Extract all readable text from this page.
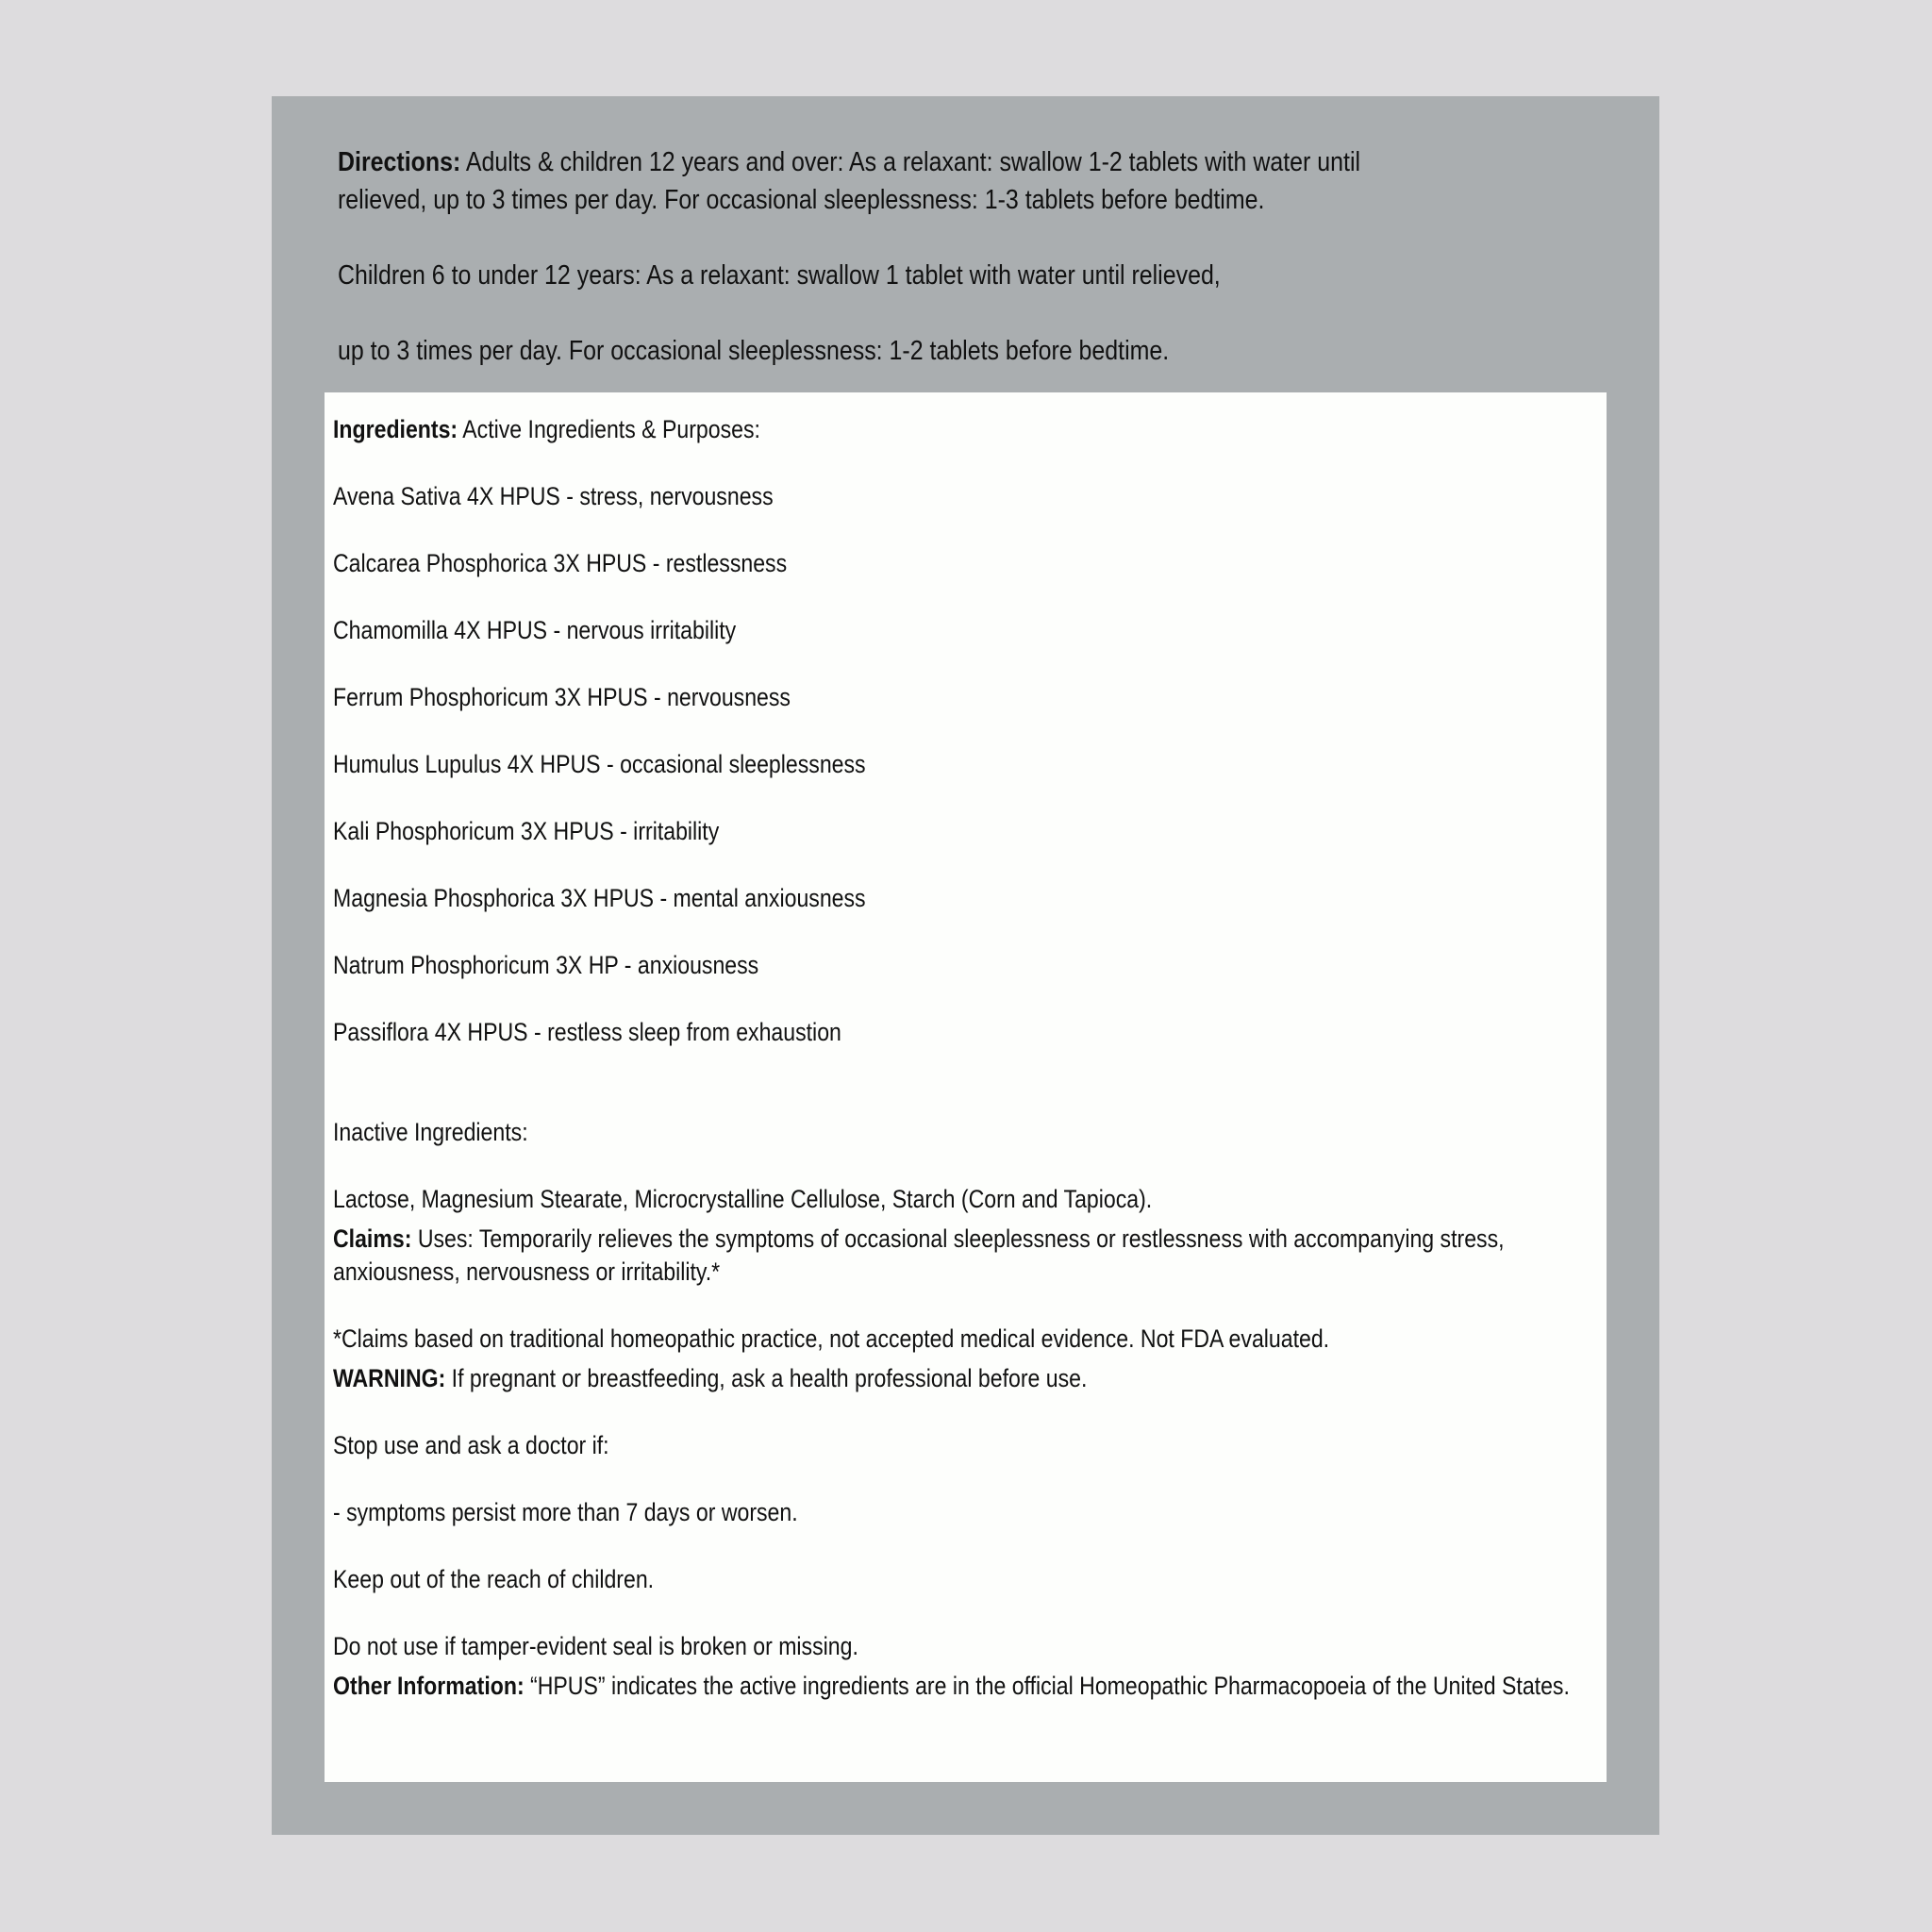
Directions: Adults & children 12 years and over: As a relaxant: swallow 1-2 tablets with water until relieved, up to 3 times per day. For occasional sleeplessness: 1-3 tablets before bedtime.

Children 6 to under 12 years: As a relaxant: swallow 1 tablet with water until relieved,

up to 3 times per day. For occasional sleeplessness: 1-2 tablets before bedtime.

Ingredients: Active Ingredients & Purposes:

Avena Sativa 4X HPUS - stress, nervousness

Calcarea Phosphorica 3X HPUS - restlessness

Chamomilla 4X HPUS - nervous irritability

Ferrum Phosphoricum 3X HPUS - nervousness

Humulus Lupulus 4X HPUS - occasional sleeplessness

Kali Phosphoricum 3X HPUS - irritability

Magnesia Phosphorica 3X HPUS - mental anxiousness

Natrum Phosphoricum 3X HP - anxiousness

Passiflora 4X HPUS - restless sleep from exhaustion

Inactive Ingredients:

Lactose, Magnesium Stearate, Microcrystalline Cellulose, Starch (Corn and Tapioca).

Claims: Uses: Temporarily relieves the symptoms of occasional sleeplessness or restlessness with accompanying stress, anxiousness, nervousness or irritability.*

*Claims based on traditional homeopathic practice, not accepted medical evidence. Not FDA evaluated.

WARNING: If pregnant or breastfeeding, ask a health professional before use.

Stop use and ask a doctor if:

- symptoms persist more than 7 days or worsen.

Keep out of the reach of children.

Do not use if tamper-evident seal is broken or missing.

Other Information: “HPUS” indicates the active ingredients are in the official Homeopathic Pharmacopoeia of the United States.
